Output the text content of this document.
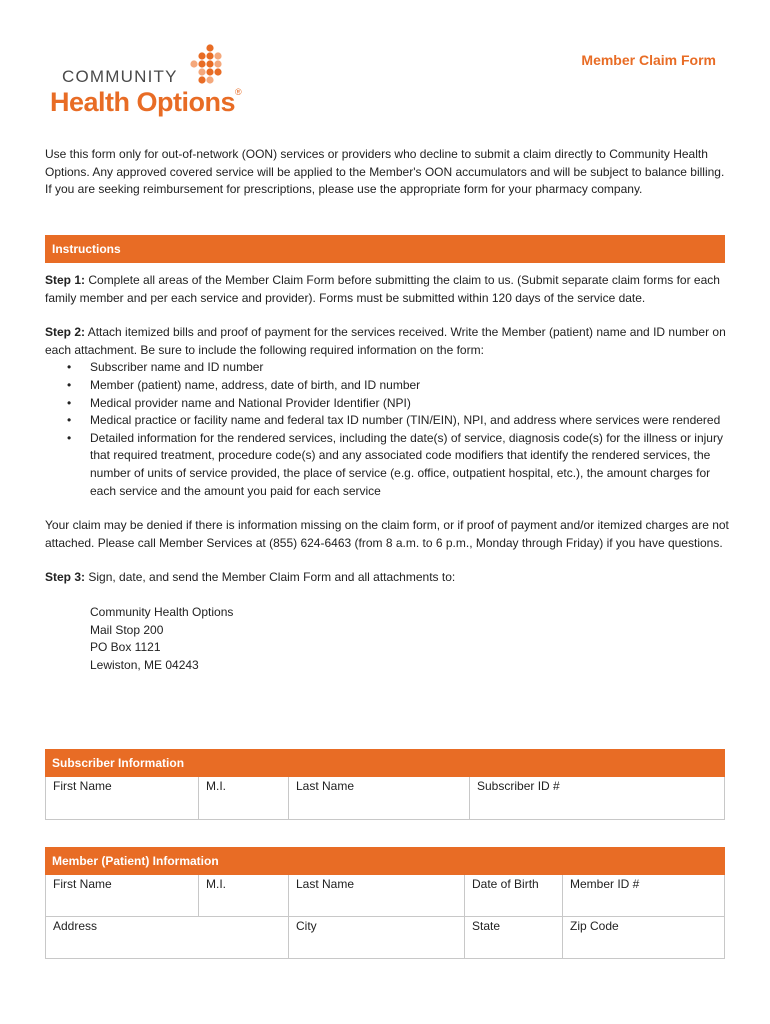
COMMUNITY
Health Options®
Member Claim Form
Use this form only for out-of-network (OON) services or providers who decline to submit a claim directly to Community Health Options. Any approved covered service will be applied to the Member's OON accumulators and will be subject to balance billing. If you are seeking reimbursement for prescriptions, please use the appropriate form for your pharmacy company.
Instructions

Step 1: Complete all areas of the Member Claim Form before submitting the claim to us. (Submit separate claim forms for each family member and per each service and provider). Forms must be submitted within 120 days of the service date.

Step 2: Attach itemized bills and proof of payment for the services received. Write the Member (patient) name and ID number on each attachment. Be sure to include the following required information on the form:

• Subscriber name and ID number
• Member (patient) name, address, date of birth, and ID number
• Medical provider name and National Provider Identifier (NPI)
• Medical practice or facility name and federal tax ID number (TIN/EIN), NPI, and address where services were rendered
• Detailed information for the rendered services, including the date(s) of service, diagnosis code(s) for the illness or injury that required treatment, procedure code(s) and any associated code modifiers that identify the rendered services, the number of units of service provided, the place of service (e.g. office, outpatient hospital, etc.), the amount charges for each service and the amount you paid for each service

Your claim may be denied if there is information missing on the claim form, or if proof of payment and/or itemized charges are not attached. Please call Member Services at (855) 624-6463 (from 8 a.m. to 6 p.m., Monday through Friday) if you have questions.

Step 3: Sign, date, and send the Member Claim Form and all attachments to:

Community Health Options
Mail Stop 200
PO Box 1121
Lewiston, ME 04243
Subscriber Information
First Name	M.I.	Last Name	Subscriber ID #
Member (Patient) Information
First Name	M.I.	Last Name	Date of Birth	Member ID #
Address	City	State	Zip Code
